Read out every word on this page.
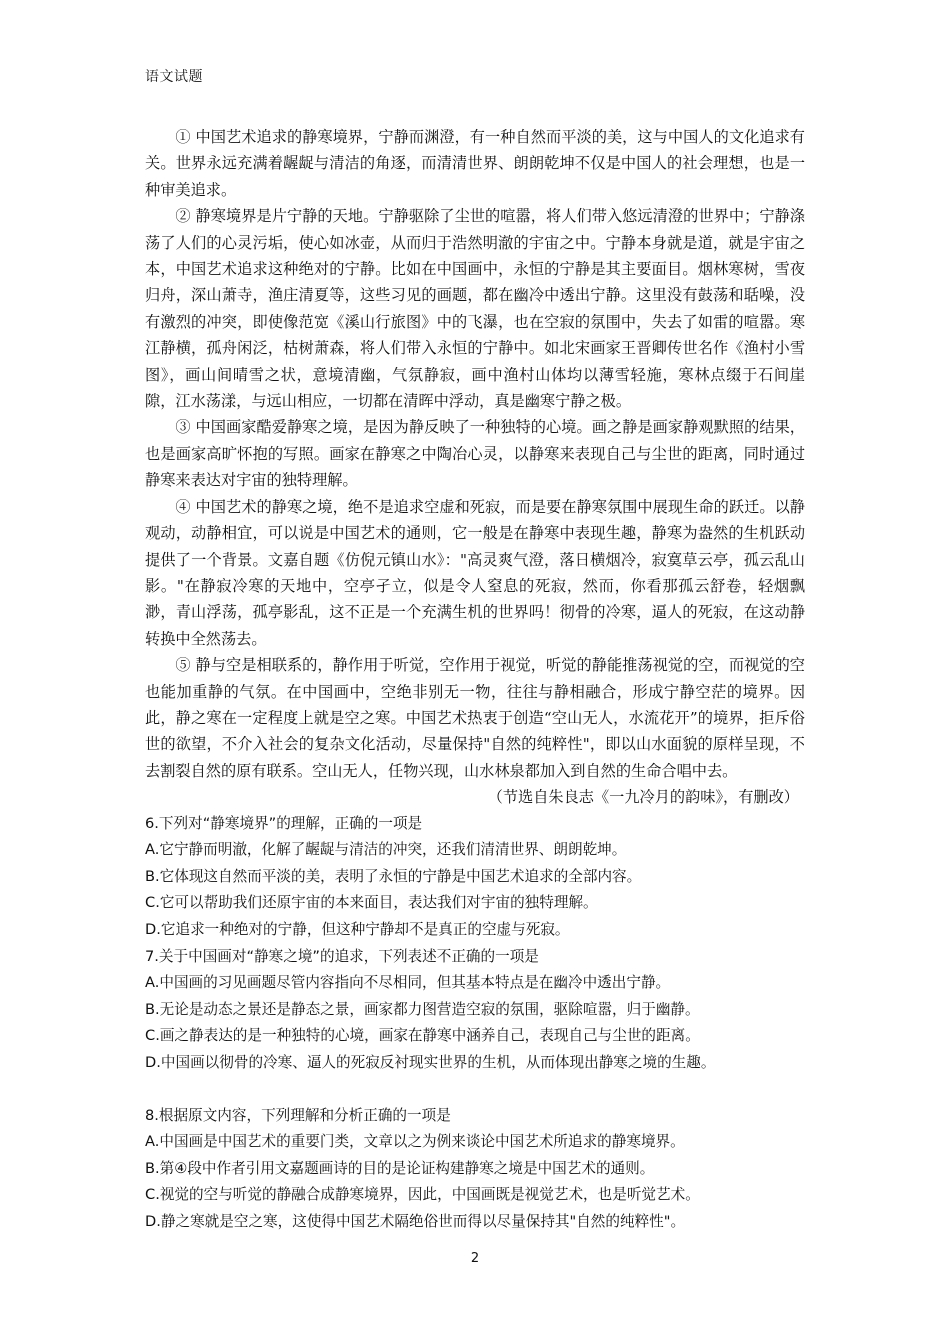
语文试题

① 中国艺术追求的静寒境界，宁静而渊澄，有一种自然而平淡的美，这与中国人的文化追求有关。世界永远充满着龌龊与清洁的角逐，而清清世界、朗朗乾坤不仅是中国人的社会理想，也是一种审美追求。

② 静寒境界是片宁静的天地。宁静驱除了尘世的喧嚣，将人们带入悠远清澄的世界中；宁静涤荡了人们的心灵污垢，使心如冰壶，从而归于浩然明澈的宇宙之中。宁静本身就是道，就是宇宙之本，中国艺术追求这种绝对的宁静。比如在中国画中，永恒的宁静是其主要面目。烟林寒树，雪夜归舟，深山萧寺，渔庄清夏等，这些习见的画题，都在幽冷中透出宁静。这里没有鼓荡和聒噪，没有激烈的冲突，即使像范宽《溪山行旅图》中的飞瀑，也在空寂的氛围中，失去了如雷的喧嚣。寒江静横，孤舟闲泛，枯树萧森，将人们带入永恒的宁静中。如北宋画家王晋卿传世名作《渔村小雪图》，画山间晴雪之状，意境清幽，气氛静寂，画中渔村山体均以薄雪轻施，寒林点缀于石间崖隙，江水荡漾，与远山相应，一切都在清晖中浮动，真是幽寒宁静之极。

③ 中国画家酷爱静寒之境，是因为静反映了一种独特的心境。画之静是画家静观默照的结果，也是画家高旷怀抱的写照。画家在静寒之中陶冶心灵，以静寒来表现自己与尘世的距离，同时通过静寒来表达对宇宙的独特理解。

④ 中国艺术的静寒之境，绝不是追求空虚和死寂，而是要在静寒氛围中展现生命的跃迁。以静观动，动静相宜，可以说是中国艺术的通则，它一般是在静寒中表现生趣，静寒为盎然的生机跃动提供了一个背景。文嘉自题《仿倪元镇山水》："高灵爽气澄，落日横烟冷，寂寞草云亭，孤云乱山影。"在静寂冷寒的天地中，空亭孑立，似是令人窒息的死寂，然而，你看那孤云舒卷，轻烟飘渺，青山浮荡，孤亭影乱，这不正是一个充满生机的世界吗！彻骨的冷寒，逼人的死寂，在这动静转换中全然荡去。

⑤ 静与空是相联系的，静作用于听觉，空作用于视觉，听觉的静能推荡视觉的空，而视觉的空也能加重静的气氛。在中国画中，空绝非别无一物，往往与静相融合，形成宁静空茫的境界。因此，静之寒在一定程度上就是空之寒。中国艺术热衷于创造“空山无人，水流花开”的境界，拒斥俗世的欲望，不介入社会的复杂文化活动，尽量保持"自然的纯粹性"，即以山水面貌的原样呈现，不去割裂自然的原有联系。空山无人，任物兴现，山水林泉都加入到自然的生命合唱中去。

（节选自朱良志《一九冷月的韵味》，有删改）

6.下列对“静寒境界”的理解，正确的一项是

A.它宁静而明澈，化解了龌龊与清洁的冲突，还我们清清世界、朗朗乾坤。

B.它体现这自然而平淡的美，表明了永恒的宁静是中国艺术追求的全部内容。

C.它可以帮助我们还原宇宙的本来面目，表达我们对宇宙的独特理解。

D.它追求一种绝对的宁静，但这种宁静却不是真正的空虚与死寂。

7.关于中国画对“静寒之境”的追求，下列表述不正确的一项是

A.中国画的习见画题尽管内容指向不尽相同，但其基本特点是在幽冷中透出宁静。

B.无论是动态之景还是静态之景，画家都力图营造空寂的氛围，驱除喧嚣，归于幽静。

C.画之静表达的是一种独特的心境，画家在静寒中涵养自己，表现自己与尘世的距离。

D.中国画以彻骨的冷寒、逼人的死寂反衬现实世界的生机，从而体现出静寒之境的生趣。

8.根据原文内容，下列理解和分析正确的一项是

A.中国画是中国艺术的重要门类，文章以之为例来谈论中国艺术所追求的静寒境界。

B.第④段中作者引用文嘉题画诗的目的是论证构建静寒之境是中国艺术的通则。

C.视觉的空与听觉的静融合成静寒境界，因此，中国画既是视觉艺术，也是听觉艺术。

D.静之寒就是空之寒，这使得中国艺术隔绝俗世而得以尽量保持其"自然的纯粹性"。

2
